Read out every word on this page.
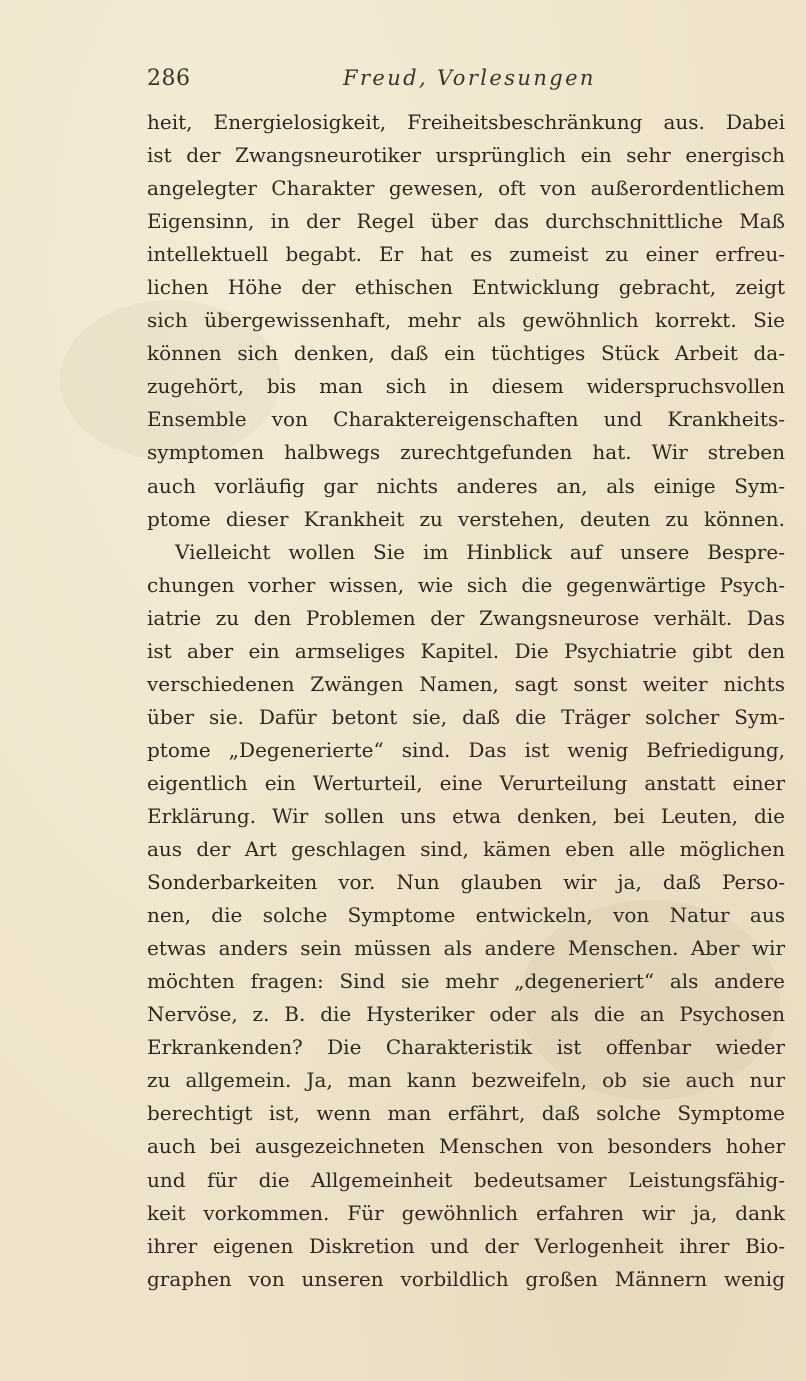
286	Freud, Vorlesungen
heit, Energielosigkeit, Freiheitsbeschränkung aus. Dabei
ist der Zwangsneurotiker ursprünglich ein sehr energisch
angelegter Charakter gewesen, oft von außerordentlichem
Eigensinn, in der Regel über das durchschnittliche Maß
intellektuell begabt. Er hat es zumeist zu einer erfreu-
lichen Höhe der ethischen Entwicklung gebracht, zeigt
sich übergewissenhaft, mehr als gewöhnlich korrekt. Sie
können sich denken, daß ein tüchtiges Stück Arbeit da-
zugehört, bis man sich in diesem widerspruchsvollen
Ensemble von Charaktereigenschaften und Krankheits-
symptomen halbwegs zurechtgefunden hat. Wir streben
auch vorläufig gar nichts anderes an, als einige Sym-
ptome dieser Krankheit zu verstehen, deuten zu können.
Vielleicht wollen Sie im Hinblick auf unsere Bespre-
chungen vorher wissen, wie sich die gegenwärtige Psych-
iatrie zu den Problemen der Zwangsneurose verhält. Das
ist aber ein armseliges Kapitel. Die Psychiatrie gibt den
verschiedenen Zwängen Namen, sagt sonst weiter nichts
über sie. Dafür betont sie, daß die Träger solcher Sym-
ptome „Degenerierte“ sind. Das ist wenig Befriedigung,
eigentlich ein Werturteil, eine Verurteilung anstatt einer
Erklärung. Wir sollen uns etwa denken, bei Leuten, die
aus der Art geschlagen sind, kämen eben alle möglichen
Sonderbarkeiten vor. Nun glauben wir ja, daß Perso-
nen, die solche Symptome entwickeln, von Natur aus
etwas anders sein müssen als andere Menschen. Aber wir
möchten fragen: Sind sie mehr „degeneriert“ als andere
Nervöse, z. B. die Hysteriker oder als die an Psychosen
Erkrankenden? Die Charakteristik ist offenbar wieder
zu allgemein. Ja, man kann bezweifeln, ob sie auch nur
berechtigt ist, wenn man erfährt, daß solche Symptome
auch bei ausgezeichneten Menschen von besonders hoher
und für die Allgemeinheit bedeutsamer Leistungsfähig-
keit vorkommen. Für gewöhnlich erfahren wir ja, dank
ihrer eigenen Diskretion und der Verlogenheit ihrer Bio-
graphen von unseren vorbildlich großen Männern wenig
